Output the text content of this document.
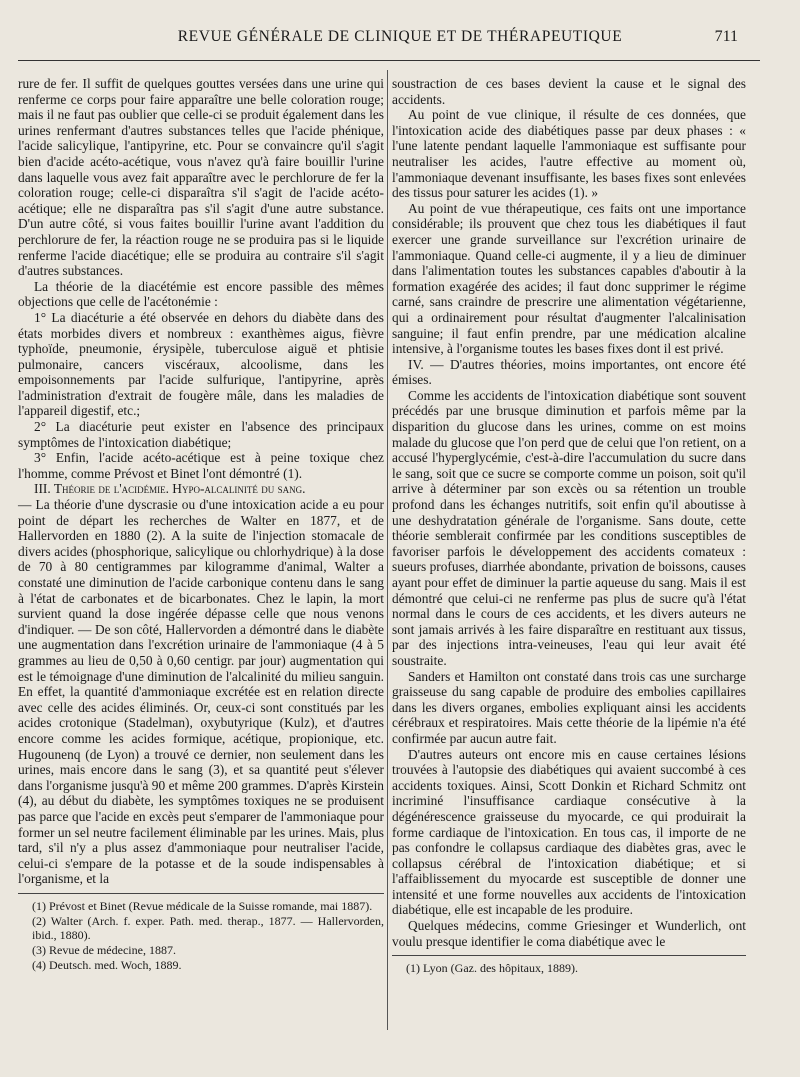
REVUE GÉNÉRALE DE CLINIQUE ET DE THÉRAPEUTIQUE	711

rure de fer. Il suffit de quelques gouttes versées dans une urine qui renferme ce corps pour faire apparaître une belle coloration rouge; mais il ne faut pas oublier que celle-ci se produit également dans les urines renfermant d'autres substances telles que l'acide phénique, l'acide salicylique, l'antipyrine, etc. Pour se convaincre qu'il s'agit bien d'acide acéto-acétique, vous n'avez qu'à faire bouillir l'urine dans laquelle vous avez fait apparaître avec le perchlorure de fer la coloration rouge; celle-ci disparaîtra s'il s'agit de l'acide acéto-acétique; elle ne disparaîtra pas s'il s'agit d'une autre substance. D'un autre côté, si vous faites bouillir l'urine avant l'addition du perchlorure de fer, la réaction rouge ne se produira pas si le liquide renferme l'acide diacétique; elle se produira au contraire s'il s'agit d'autres substances.

La théorie de la diacétémie est encore passible des mêmes objections que celle de l'acétonémie :

1° La diacéturie a été observée en dehors du diabète dans des états morbides divers et nombreux : exanthèmes aigus, fièvre typhoïde, pneumonie, érysipèle, tuberculose aiguë et phtisie pulmonaire, cancers viscéraux, alcoolisme, dans les empoisonnements par l'acide sulfurique, l'antipyrine, après l'administration d'extrait de fougère mâle, dans les maladies de l'appareil digestif, etc.;

2° La diacéturie peut exister en l'absence des principaux symptômes de l'intoxication diabétique;

3° Enfin, l'acide acéto-acétique est à peine toxique chez l'homme, comme Prévost et Binet l'ont démontré (1).

III. Théorie de l'acidémie. Hypo-alcalinité du sang.

— La théorie d'une dyscrasie ou d'une intoxication acide a eu pour point de départ les recherches de Walter en 1877, et de Hallervorden en 1880 (2). A la suite de l'injection stomacale de divers acides (phosphorique, salicylique ou chlorhydrique) à la dose de 70 à 80 centigrammes par kilogramme d'animal, Walter a constaté une diminution de l'acide carbonique contenu dans le sang à l'état de carbonates et de bicarbonates. Chez le lapin, la mort survient quand la dose ingérée dépasse celle que nous venons d'indiquer. — De son côté, Hallervorden a démontré dans le diabète une augmentation dans l'excrétion urinaire de l'ammoniaque (4 à 5 grammes au lieu de 0,50 à 0,60 centigr. par jour) augmentation qui est le témoignage d'une diminution de l'alcalinité du milieu sanguin. En effet, la quantité d'ammoniaque excrétée est en relation directe avec celle des acides éliminés. Or, ceux-ci sont constitués par les acides crotonique (Stadelman), oxybutyrique (Kulz), et d'autres encore comme les acides formique, acétique, propionique, etc. Hugounenq (de Lyon) a trouvé ce dernier, non seulement dans les urines, mais encore dans le sang (3), et sa quantité peut s'élever dans l'organisme jusqu'à 90 et même 200 grammes. D'après Kirstein (4), au début du diabète, les symptômes toxiques ne se produisent pas parce que l'acide en excès peut s'emparer de l'ammoniaque pour former un sel neutre facilement éliminable par les urines. Mais, plus tard, s'il n'y a plus assez d'ammoniaque pour neutraliser l'acide, celui-ci s'empare de la potasse et de la soude indispensables à l'organisme, et la

(1) Prévost et Binet (Revue médicale de la Suisse romande, mai 1887).

(2) Walter (Arch. f. exper. Path. med. therap., 1877. — Hallervorden, ibid., 1880).

(3) Revue de médecine, 1887.

(4) Deutsch. med. Woch, 1889.

soustraction de ces bases devient la cause et le signal des accidents.

Au point de vue clinique, il résulte de ces données, que l'intoxication acide des diabétiques passe par deux phases : « l'une latente pendant laquelle l'ammoniaque est suffisante pour neutraliser les acides, l'autre effective au moment où, l'ammoniaque devenant insuffisante, les bases fixes sont enlevées des tissus pour saturer les acides (1). »

Au point de vue thérapeutique, ces faits ont une importance considérable; ils prouvent que chez tous les diabétiques il faut exercer une grande surveillance sur l'excrétion urinaire de l'ammoniaque. Quand celle-ci augmente, il y a lieu de diminuer dans l'alimentation toutes les substances capables d'aboutir à la formation exagérée des acides; il faut donc supprimer le régime carné, sans craindre de prescrire une alimentation végétarienne, qui a ordinairement pour résultat d'augmenter l'alcalinisation sanguine; il faut enfin prendre, par une médication alcaline intensive, à l'organisme toutes les bases fixes dont il est privé.

IV. — D'autres théories, moins importantes, ont encore été émises.

Comme les accidents de l'intoxication diabétique sont souvent précédés par une brusque diminution et parfois même par la disparition du glucose dans les urines, comme on est moins malade du glucose que l'on perd que de celui que l'on retient, on a accusé l'hyperglycémie, c'est-à-dire l'accumulation du sucre dans le sang, soit que ce sucre se comporte comme un poison, soit qu'il arrive à déterminer par son excès ou sa rétention un trouble profond dans les échanges nutritifs, soit enfin qu'il aboutisse à une deshydratation générale de l'organisme. Sans doute, cette théorie semblerait confirmée par les conditions susceptibles de favoriser parfois le développement des accidents comateux : sueurs profuses, diarrhée abondante, privation de boissons, causes ayant pour effet de diminuer la partie aqueuse du sang. Mais il est démontré que celui-ci ne renferme pas plus de sucre qu'à l'état normal dans le cours de ces accidents, et les divers auteurs ne sont jamais arrivés à les faire disparaître en restituant aux tissus, par des injections intra-veineuses, l'eau qui leur avait été soustraite.

Sanders et Hamilton ont constaté dans trois cas une surcharge graisseuse du sang capable de produire des embolies capillaires dans les divers organes, embolies expliquant ainsi les accidents cérébraux et respiratoires. Mais cette théorie de la lipémie n'a été confirmée par aucun autre fait.

D'autres auteurs ont encore mis en cause certaines lésions trouvées à l'autopsie des diabétiques qui avaient succombé à ces accidents toxiques. Ainsi, Scott Donkin et Richard Schmitz ont incriminé l'insuffisance cardiaque consécutive à la dégénérescence graisseuse du myocarde, ce qui produirait la forme cardiaque de l'intoxication. En tous cas, il importe de ne pas confondre le collapsus cardiaque des diabètes gras, avec le collapsus cérébral de l'intoxication diabétique; et si l'affaiblissement du myocarde est susceptible de donner une intensité et une forme nouvelles aux accidents de l'intoxication diabétique, elle est incapable de les produire.

Quelques médecins, comme Griesinger et Wunderlich, ont voulu presque identifier le coma diabétique avec le

(1) Lyon (Gaz. des hôpitaux, 1889).
